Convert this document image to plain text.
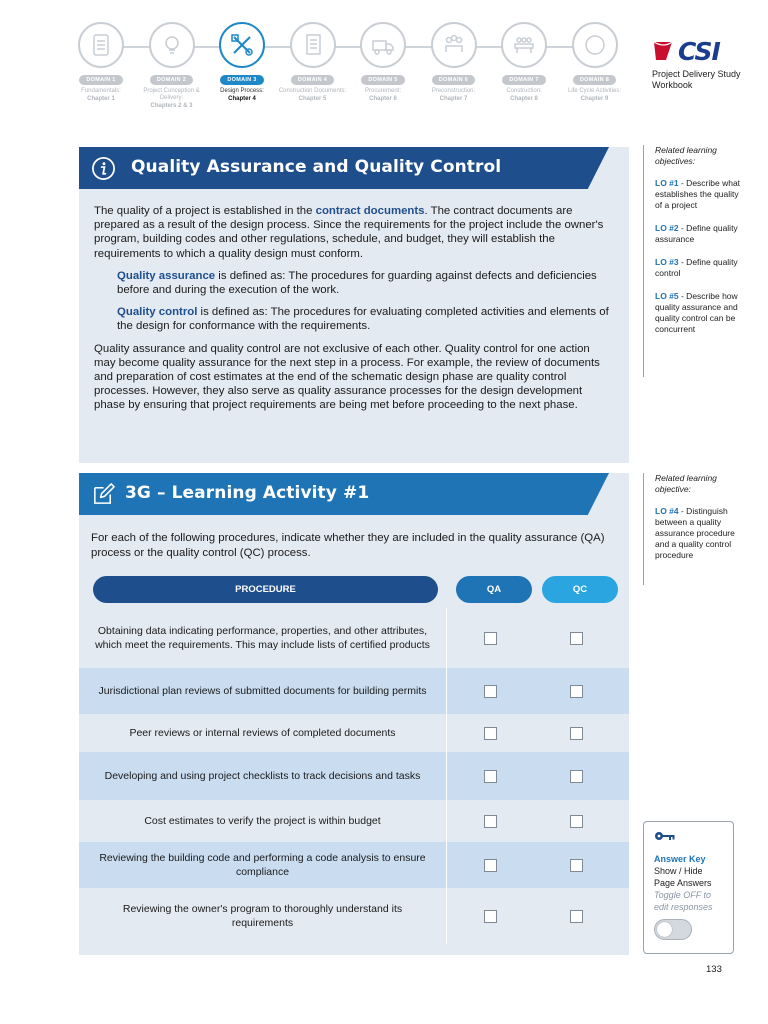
DOMAIN 1
Fundamentals:
Chapter 1
DOMAIN 2
Project Conception & Delivery:
Chapters 2 & 3
DOMAIN 3
Design Process:
Chapter 4
DOMAIN 4
Construction Documents:
Chapter 5
DOMAIN 5
Procurement:
Chapter 6
DOMAIN 6
Preconstruction:
Chapter 7
DOMAIN 7
Construction:
Chapter 8
DOMAIN 8
Life Cycle Activities:
Chapter 9
CSI
Project Delivery Study Workbook
Quality Assurance and Quality Control

The quality of a project is established in the contract documents. The contract documents are prepared as a result of the design process. Since the requirements for the project include the owner's program, building codes and other regulations, schedule, and budget, they will establish the requirements to which a quality design must conform.

Quality assurance is defined as: The procedures for guarding against defects and deficiencies before and during the execution of the work.

Quality control is defined as: The procedures for evaluating completed activities and elements of the design for conformance with the requirements.

Quality assurance and quality control are not exclusive of each other. Quality control for one action may become quality assurance for the next step in a process. For example, the review of documents and preparation of cost estimates at the end of the schematic design phase are quality control processes. However, they also serve as quality assurance processes for the design development phase by ensuring that project requirements are being met before proceeding to the next phase.

Related learning objectives:
LO #1 - Describe what establishes the quality of a project
LO #2 - Define quality assurance
LO #3 - Define quality control
LO #5 - Describe how quality assurance and quality control can be concurrent
3G – Learning Activity #1
For each of the following procedures, indicate whether they are included in the quality assurance (QA) process or the quality control (QC) process.
PROCEDURE	QA	QC
Obtaining data indicating performance, properties, and other attributes, which meet the requirements. This may include lists of certified products
Jurisdictional plan reviews of submitted documents for building permits
Peer reviews or internal reviews of completed documents
Developing and using project checklists to track decisions and tasks
Cost estimates to verify the project is within budget
Reviewing the building code and performing a code analysis to ensure compliance
Reviewing the owner's program to thoroughly understand its requirements
Related learning objective:
LO #4 - Distinguish between a quality assurance procedure and a quality control procedure
Answer Key
Show / Hide
Page Answers
Toggle OFF to edit responses
133
